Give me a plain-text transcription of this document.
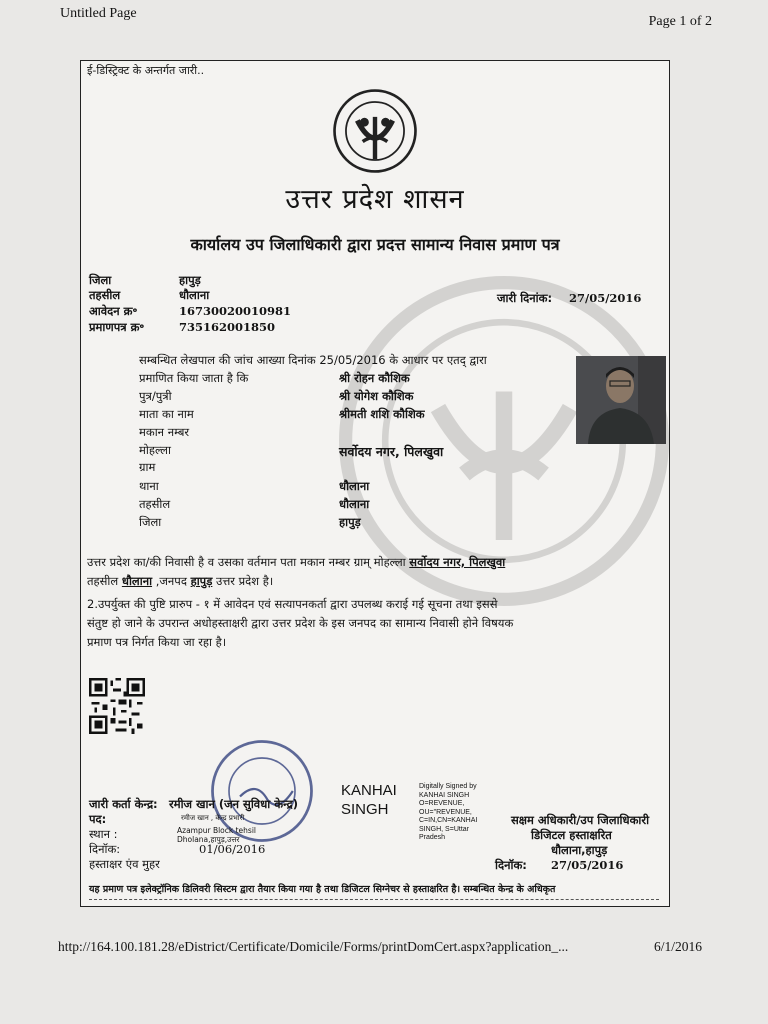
Untitled Page
Page 1 of 2
ई-डिस्ट्रिक्ट के अन्तर्गत जारी..
उत्तर प्रदेश शासन
कार्यालय उप जिलाधिकारी द्वारा प्रदत्त सामान्य निवास प्रमाण पत्र
जिला	हापुड़
तहसील	धौलाना
आवेदन क्र॰	16730020010981
प्रमाणपत्र क्र॰	735162001850
जारी दिनांक: 27/05/2016
सम्बन्धित लेखपाल की जांच आख्या दिनांक 25/05/2016 के आधार पर एतद् द्वारा
प्रमाणित किया जाता है कि	श्री रोहन कौशिक
पुत्र/पुत्री	श्री योगेश कौशिक
माता का नाम	श्रीमती शशि कौशिक
मकान नम्बर
मोहल्ला	सर्वोदय नगर, पिलखुवा
ग्राम
थाना	धौलाना
तहसील	धौलाना
जिला	हापुड़
उत्तर प्रदेश का/की निवासी है व उसका वर्तमान पता मकान नम्बर ग्राम् मोहल्ला सर्वोदय नगर, पिलखुवा
तहसील धौलाना ,जनपद हापुड़ उत्तर प्रदेश है।
2.उपर्युक्त की पुष्टि प्रारुप - १ में आवेदन एवं सत्यापनकर्ता द्वारा उपलब्ध कराई गई सूचना तथा इससे
संतुष्ट हो जाने के उपरान्त अधोहस्ताक्षरी द्वारा उत्तर प्रदेश के इस जनपद का सामान्य निवासी होने विषयक
प्रमाण पत्र निर्गत किया जा रहा है।
जारी कर्ता केन्द्र: रमीज खान (जन सुविधा केन्द्र)
पद:	रमीज खान , केन्द्र प्रभारी
स्थान :	Azampur Block tehsil
Dholana,हापुड़,उत्तर
दिनॉक:	01/06/2016
हस्ताक्षर एंव मुहर
KANHAI
SINGH
Digitally Signed by KANHAI SINGH O=REVENUE, OU="REVENUE, C=IN,CN=KANHAI SINGH, S=Uttar Pradesh
सक्षम अधिकारी/उप जिलाधिकारी
डिजिटल हस्ताक्षरित
धौलाना,हापुड़
दिनॉक: 27/05/2016
यह प्रमाण पत्र इलेक्ट्रॉनिक डिलिवरी सिस्टम द्वारा तैयार किया गया है तथा डिजिटल सिग्नेचर से हस्ताक्षरित है। सम्बन्धित केन्द्र के अधिकृत
http://164.100.181.28/eDistrict/Certificate/Domicile/Forms/printDomCert.aspx?application_...	6/1/2016
